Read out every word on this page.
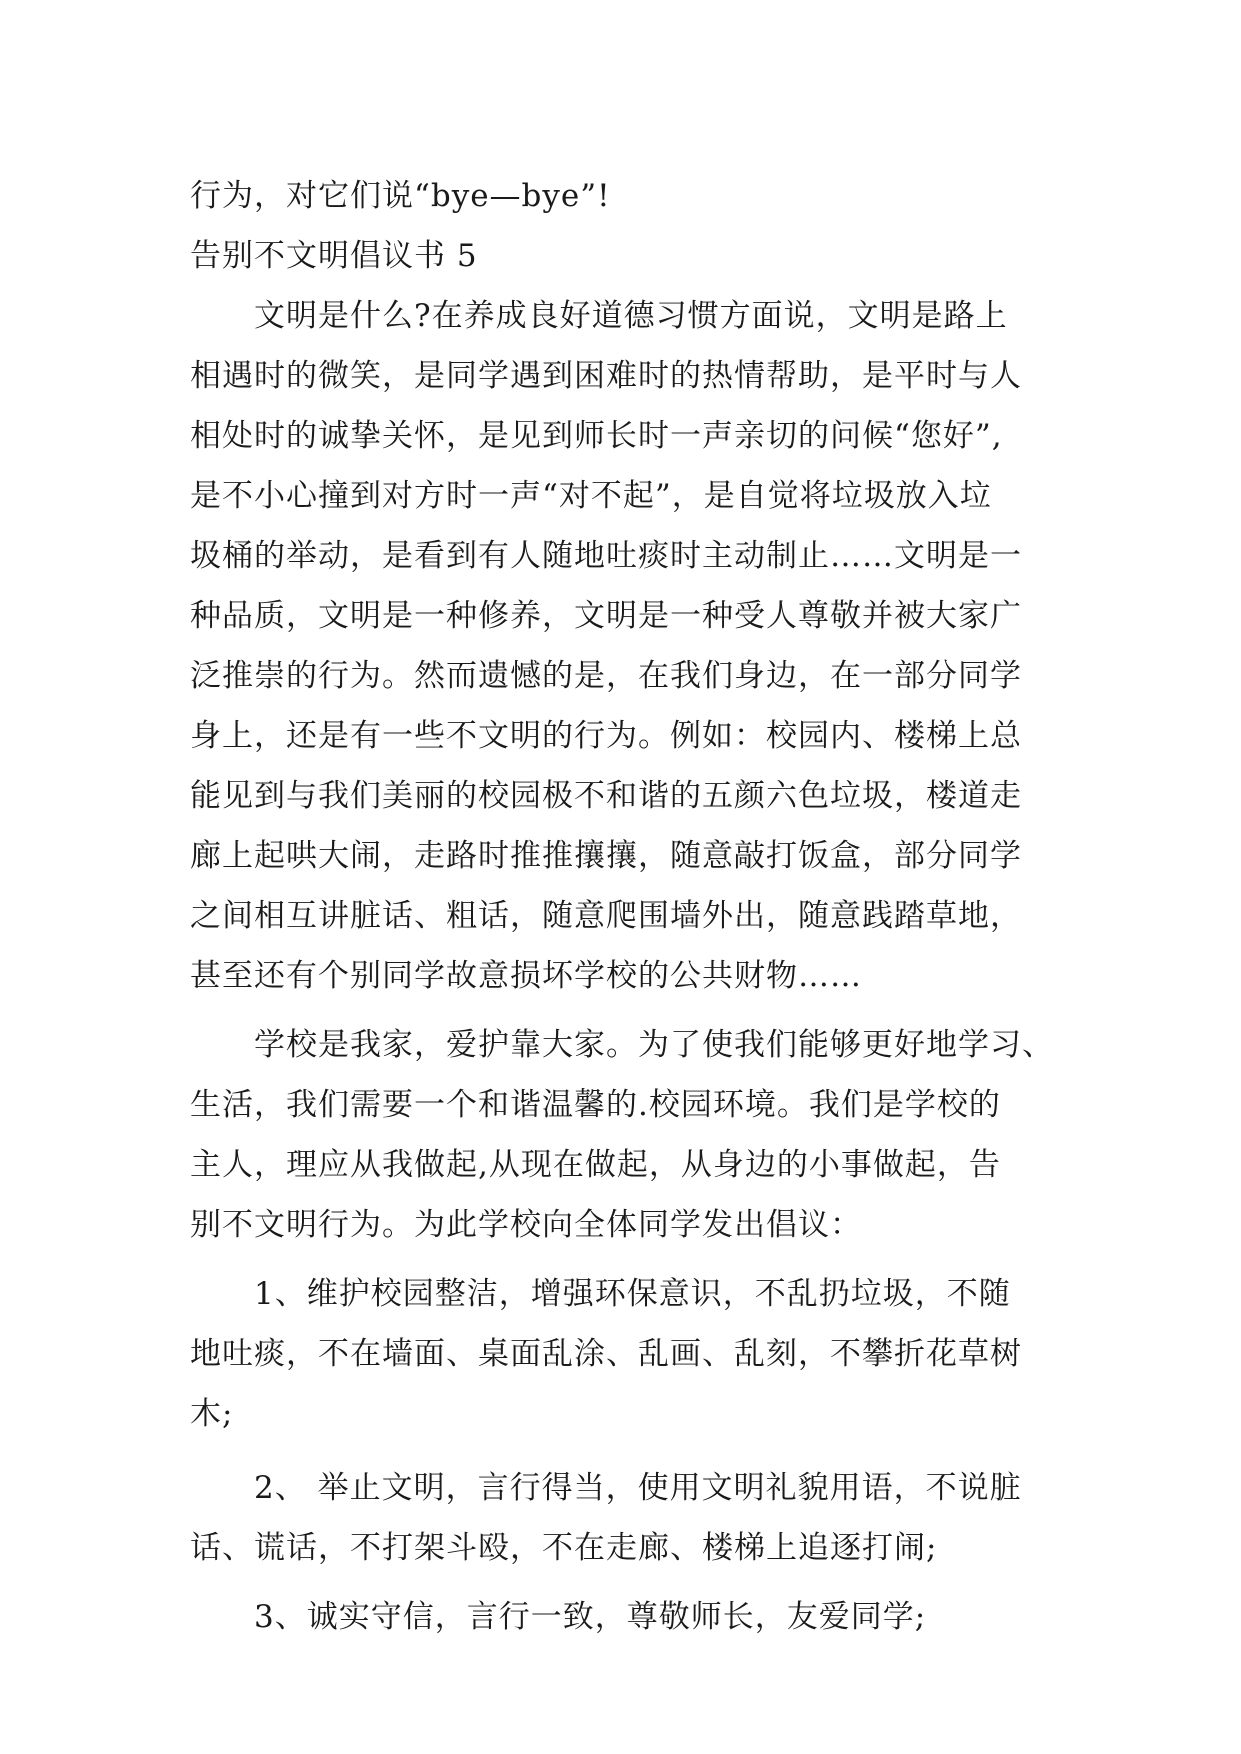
行为，对它们说“bye—bye”!
告别不文明倡议书 5
文明是什么?在养成良好道德习惯方面说，文明是路上
相遇时的微笑，是同学遇到困难时的热情帮助，是平时与人
相处时的诚挚关怀，是见到师长时一声亲切的问候“您好”,
是不小心撞到对方时一声“对不起”，是自觉将垃圾放入垃
圾桶的举动，是看到有人随地吐痰时主动制止……文明是一
种品质，文明是一种修养，文明是一种受人尊敬并被大家广
泛推崇的行为。然而遗憾的是，在我们身边，在一部分同学
身上，还是有一些不文明的行为。例如：校园内、楼梯上总
能见到与我们美丽的校园极不和谐的五颜六色垃圾，楼道走
廊上起哄大闹，走路时推推攘攘，随意敲打饭盒，部分同学
之间相互讲脏话、粗话，随意爬围墙外出，随意践踏草地，
甚至还有个别同学故意损坏学校的公共财物……
学校是我家，爱护靠大家。为了使我们能够更好地学习、
生活，我们需要一个和谐温馨的.校园环境。我们是学校的
主人，理应从我做起,从现在做起，从身边的小事做起，告
别不文明行为。为此学校向全体同学发出倡议：
1、维护校园整洁，增强环保意识，不乱扔垃圾，不随
地吐痰，不在墙面、桌面乱涂、乱画、乱刻，不攀折花草树
木;
2、 举止文明，言行得当，使用文明礼貌用语，不说脏
话、谎话，不打架斗殴，不在走廊、楼梯上追逐打闹;
3、诚实守信，言行一致，尊敬师长，友爱同学;
